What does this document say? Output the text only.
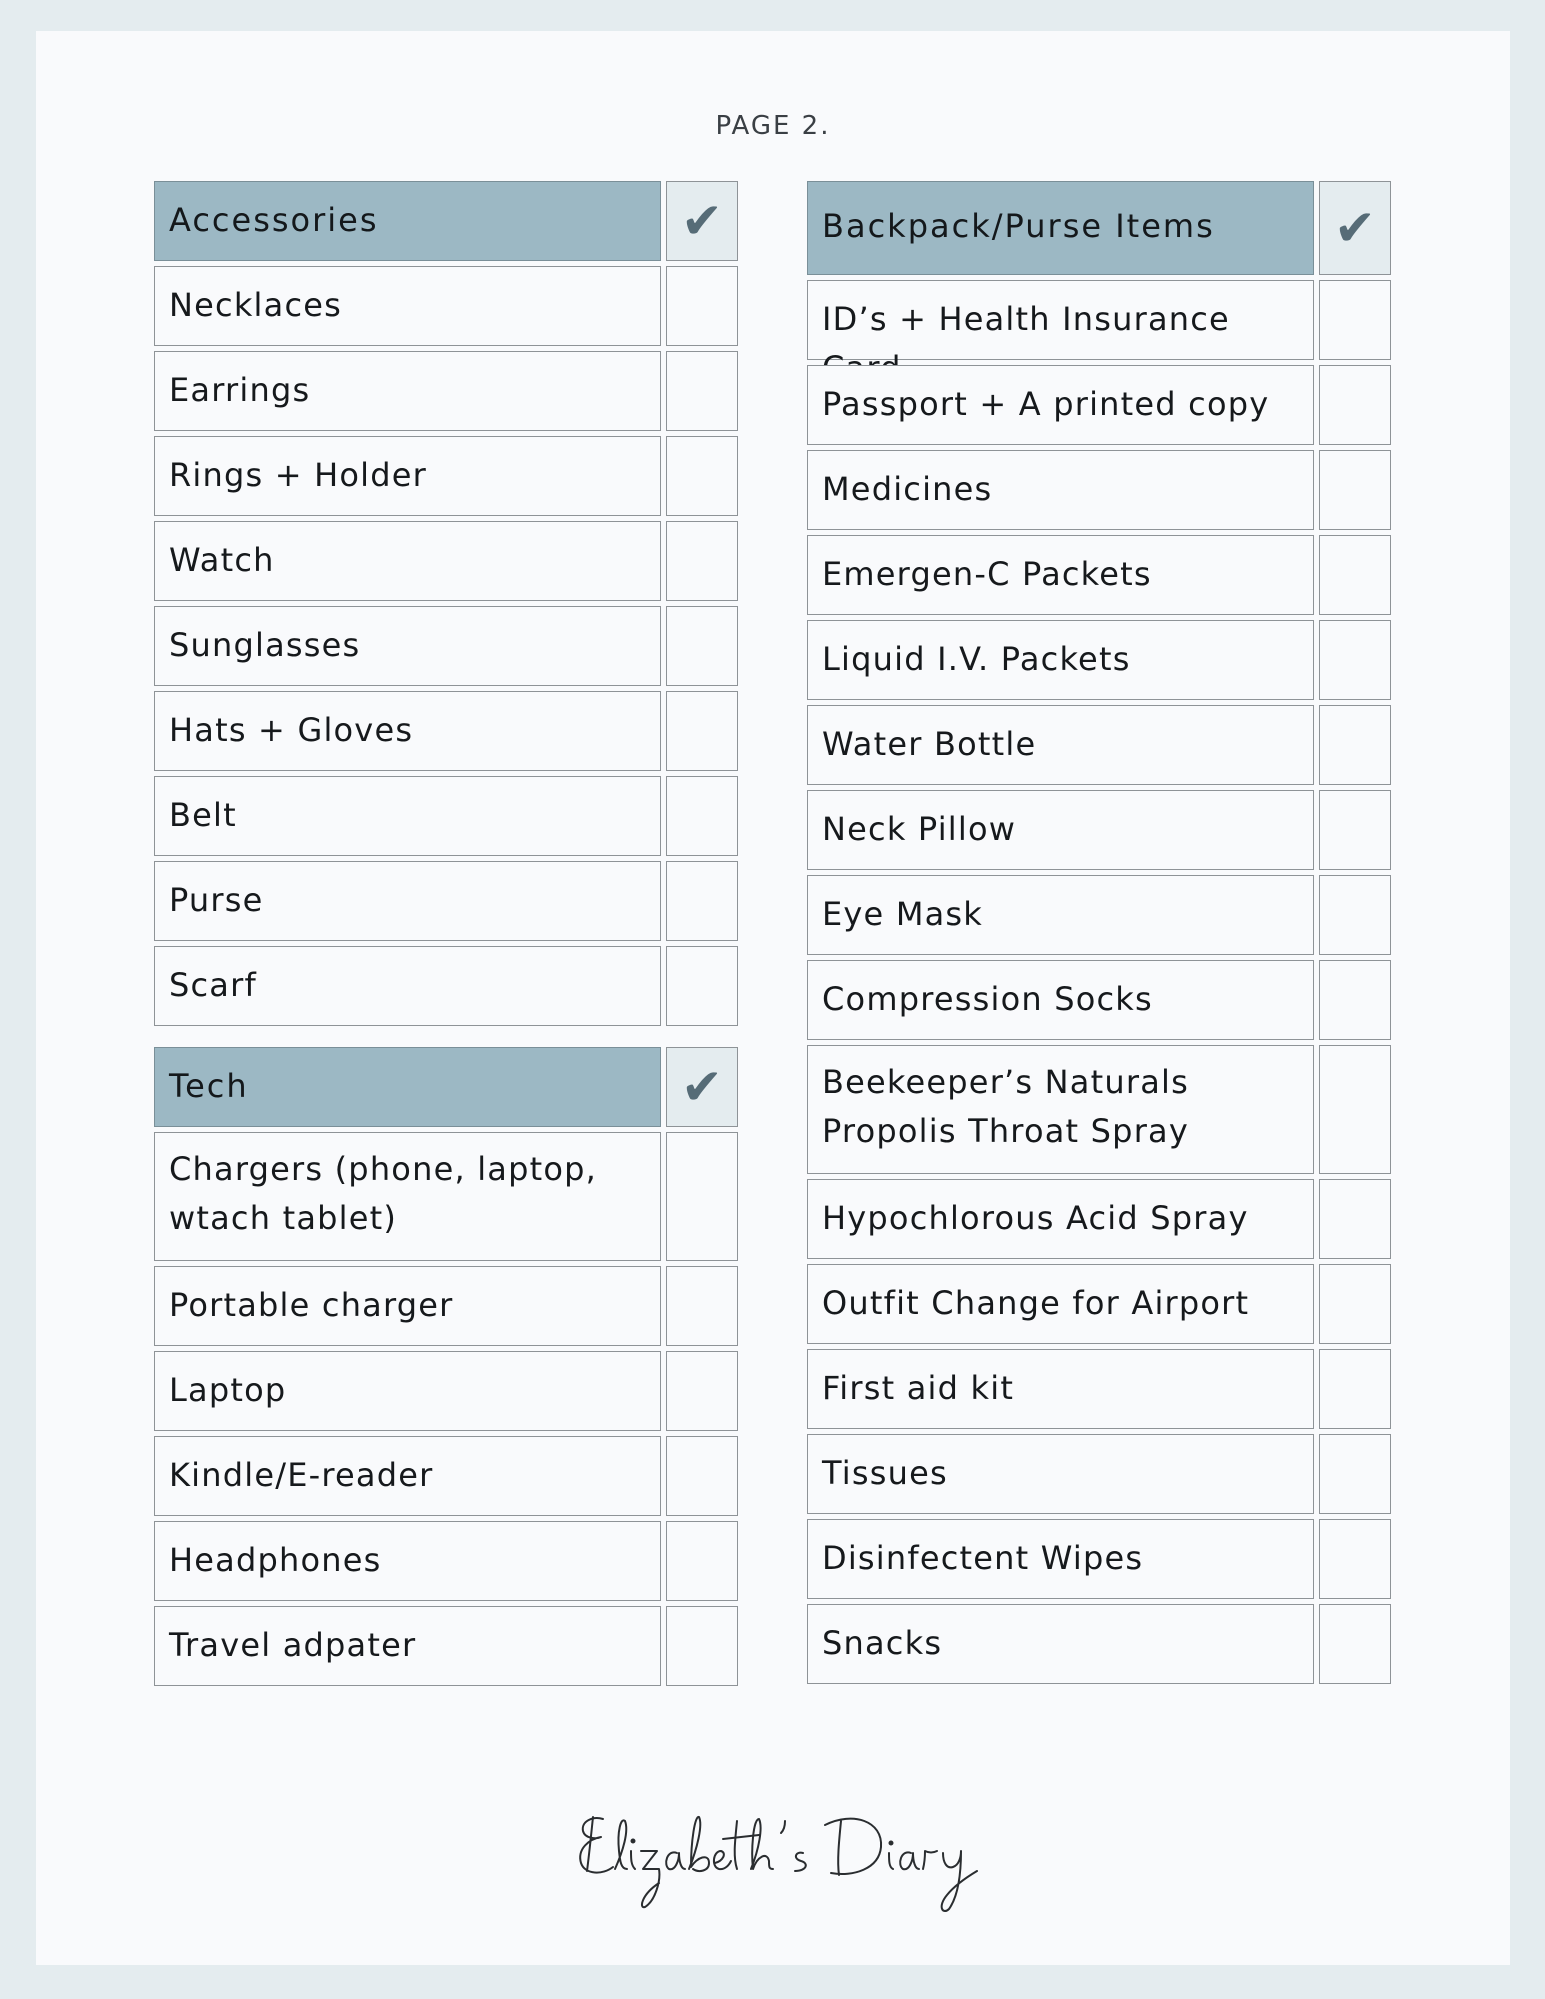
PAGE 2.
Accessories	✔
Necklaces
Earrings
Rings + Holder
Watch
Sunglasses
Hats + Gloves
Belt
Purse
Scarf
Tech	✔
Chargers (phone, laptop, wtach tablet)
Portable charger
Laptop
Kindle/E-reader
Headphones
Travel adpater
Backpack/Purse Items	✔
ID’s + Health Insurance
Passport + A printed copy
Medicines
Emergen-C Packets
Liquid I.V. Packets
Water Bottle
Neck Pillow
Eye Mask
Compression Socks
Beekeeper’s Naturals Propolis Throat Spray
Hypochlorous Acid Spray
Outfit Change for Airport
First aid kit
Tissues
Disinfectent Wipes
Snacks
